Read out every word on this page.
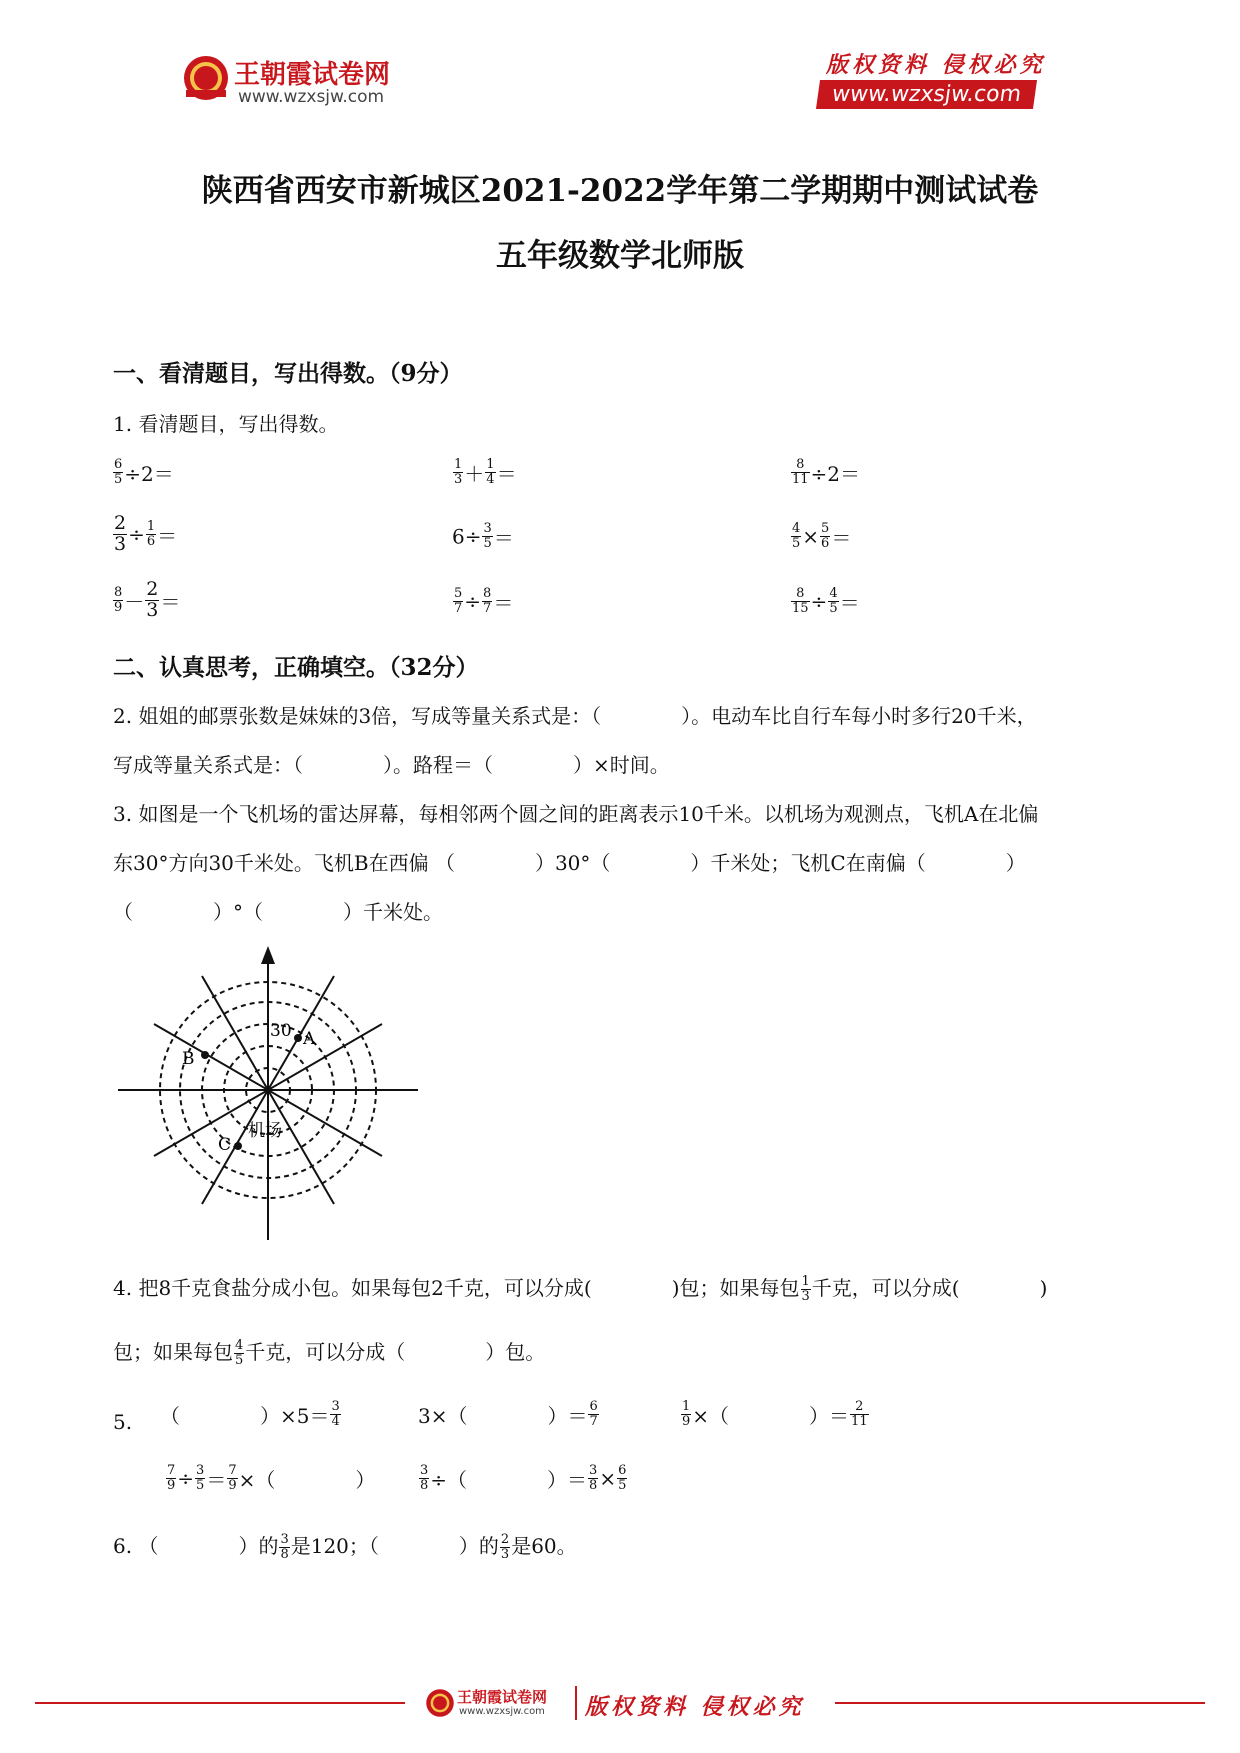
王朝霞试卷网
www.wzxsjw.com
版权资料 侵权必究
www.wzxsjw.com
陕西省西安市新城区2021-2022学年第二学期期中测试试卷
五年级数学北师版
一、看清题目，写出得数。（9分）
1. 看清题目，写出得数。
$\frac{6}{5} \div 2=$	$\frac{1}{3} + \frac{1}{4}$ ＝	$\frac{8}{11} \div 2=$
$\frac{2}{3} \div \frac{1}{6}$ ＝	$6\div \frac{3}{5}$ ＝	$\frac{4}{5} \times \frac{5}{6}$ ＝
$\frac{8}{9} - \frac{2}{3}$ ＝	$\frac{5}{7} \div \frac{8}{7}$ ＝	$\frac{8}{15} \div \frac{4}{5}$ ＝
二、认真思考，正确填空。（32分）
2. 姐姐的邮票张数是妹妹的3倍，写成等量关系式是：（　　　　）。电动车比自行车每小时多行20千米，
写成等量关系式是：（　　　　）。路程＝（　　　　）×时间。
3. 如图是一个飞机场的雷达屏幕，每相邻两个圆之间的距离表示10千米。以机场为观测点，飞机A在北偏
东30°方向30千米处。飞机B在西偏 （　　　　）30°（　　　　）千米处；飞机C在南偏（　　　　）
（　　　　）°（　　　　）千米处。
30 A
B
C
机场
4. 把8千克食盐分成小包。如果每包2千克，可以分成(　　　　)包；如果每包 $\frac{1}{3}$ 千克，可以分成(　　　　)
包；如果每包 $\frac{4}{5}$ 千克，可以分成（　　　　）包。
5. （　　　　）$\times 5= \frac{3}{4}$	3×（　　　　）＝ $\frac{6}{7}$	$\frac{1}{9}$ ×（　　　　）＝ $\frac{2}{11}$
$\frac{7}{9} \div \frac{3}{5} = \frac{7}{9}$ ×（　　　　）	$\frac{3}{8}$ ÷（　　　　）＝ $\frac{3}{8} \times \frac{6}{5}$
6. （　　　　）的 $\frac{3}{8}$ 是120；（　　　　）的 $\frac{2}{3}$ 是60。
王朝霞试卷网
www.wzxsjw.com 版权资料 侵权必究
